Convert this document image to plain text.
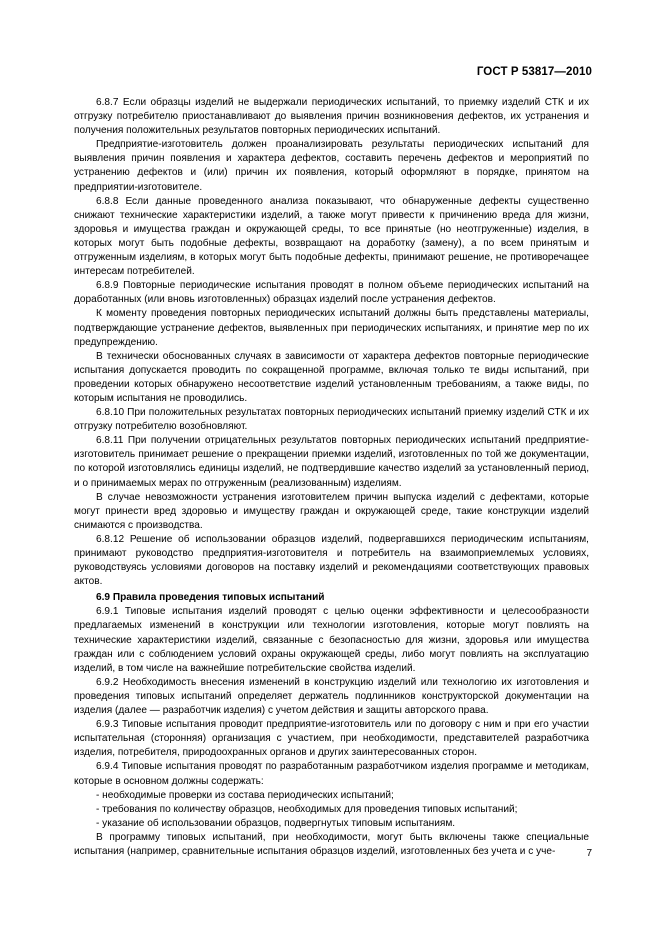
ГОСТ Р 53817—2010

6.8.7 Если образцы изделий не выдержали периодических испытаний, то приемку изделий СТК и их отгрузку потребителю приостанавливают до выявления причин возникновения дефектов, их устранения и получения положительных результатов повторных периодических испытаний.

Предприятие-изготовитель должен проанализировать результаты периодических испытаний для выявления причин появления и характера дефектов, составить перечень дефектов и мероприятий по устранению дефектов и (или) причин их появления, который оформляют в порядке, принятом на предприятии-изготовителе.

6.8.8 Если данные проведенного анализа показывают, что обнаруженные дефекты существенно снижают технические характеристики изделий, а также могут привести к причинению вреда для жизни, здоровья и имущества граждан и окружающей среды, то все принятые (но неотгруженные) изделия, в которых могут быть подобные дефекты, возвращают на доработку (замену), а по всем принятым и отгруженным изделиям, в которых могут быть подобные дефекты, принимают решение, не противоречащее интересам потребителей.

6.8.9 Повторные периодические испытания проводят в полном объеме периодических испытаний на доработанных (или вновь изготовленных) образцах изделий после устранения дефектов.

К моменту проведения повторных периодических испытаний должны быть представлены материалы, подтверждающие устранение дефектов, выявленных при периодических испытаниях, и принятие мер по их предупреждению.

В технически обоснованных случаях в зависимости от характера дефектов повторные периодические испытания допускается проводить по сокращенной программе, включая только те виды испытаний, при проведении которых обнаружено несоответствие изделий установленным требованиям, а также виды, по которым испытания не проводились.

6.8.10 При положительных результатах повторных периодических испытаний приемку изделий СТК и их отгрузку потребителю возобновляют.

6.8.11 При получении отрицательных результатов повторных периодических испытаний предприятие-изготовитель принимает решение о прекращении приемки изделий, изготовленных по той же документации, по которой изготовлялись единицы изделий, не подтвердившие качество изделий за установленный период, и о принимаемых мерах по отгруженным (реализованным) изделиям.

В случае невозможности устранения изготовителем причин выпуска изделий с дефектами, которые могут принести вред здоровью и имуществу граждан и окружающей среде, такие конструкции изделий снимаются с производства.

6.8.12 Решение об использовании образцов изделий, подвергавшихся периодическим испытаниям, принимают руководство предприятия-изготовителя и потребитель на взаимоприемлемых условиях, руководствуясь условиями договоров на поставку изделий и рекомендациями соответствующих правовых актов.

6.9 Правила проведения типовых испытаний

6.9.1 Типовые испытания изделий проводят с целью оценки эффективности и целесообразности предлагаемых изменений в конструкции или технологии изготовления, которые могут повлиять на технические характеристики изделий, связанные с безопасностью для жизни, здоровья или имущества граждан или с соблюдением условий охраны окружающей среды, либо могут повлиять на эксплуатацию изделий, в том числе на важнейшие потребительские свойства изделий.

6.9.2 Необходимость внесения изменений в конструкцию изделий или технологию их изготовления и проведения типовых испытаний определяет держатель подлинников конструкторской документации на изделия (далее — разработчик изделия) с учетом действия и защиты авторского права.

6.9.3 Типовые испытания проводит предприятие-изготовитель или по договору с ним и при его участии испытательная (сторонняя) организация с участием, при необходимости, представителей разработчика изделия, потребителя, природоохранных органов и других заинтересованных сторон.

6.9.4 Типовые испытания проводят по разработанным разработчиком изделия программе и методикам, которые в основном должны содержать:

- необходимые проверки из состава периодических испытаний;

- требования по количеству образцов, необходимых для проведения типовых испытаний;

- указание об использовании образцов, подвергнутых типовым испытаниям.

В программу типовых испытаний, при необходимости, могут быть включены также специальные испытания (например, сравнительные испытания образцов изделий, изготовленных без учета и с уче-	7
